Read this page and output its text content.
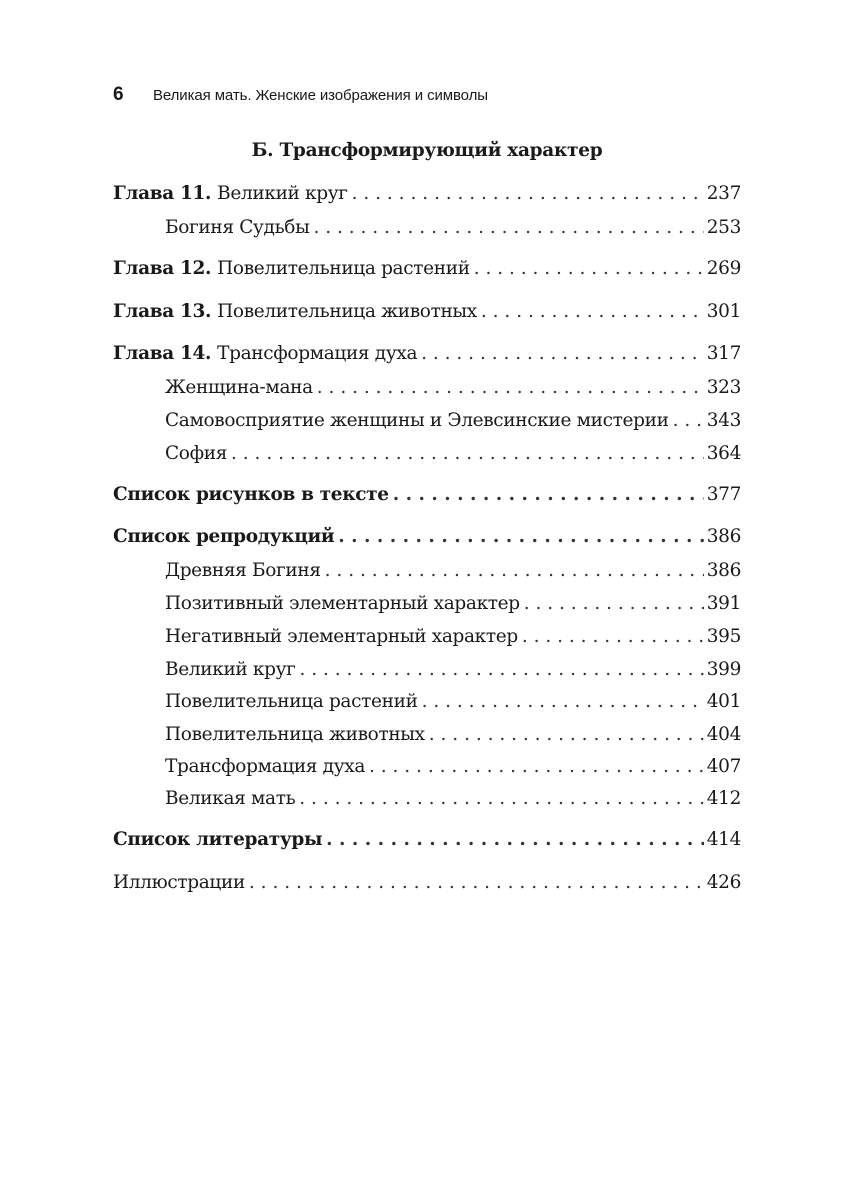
6	Великая мать. Женские изображения и символы
Б. Трансформирующий характер
Глава 11. Великий круг . . .	237
Богиня Судьбы . . .	253
Глава 12. Повелительница растений . . .	269
Глава 13. Повелительница животных . . .	301
Глава 14. Трансформация духа . . .	317
Женщина-мана . . .	323
Самовосприятие женщины и Элевсинские мистерии . . . 343
София . . .	364
Список рисунков в тексте . . .	377
Список репродукций . . .	386
Древняя Богиня . . .	386
Позитивный элементарный характер . . .	391
Негативный элементарный характер . . .	395
Великий круг . . .	399
Повелительница растений . . .	401
Повелительница животных . . .	404
Трансформация духа . . .	407
Великая мать . . .	412
Список литературы . . .	414
Иллюстрации . . .	426
